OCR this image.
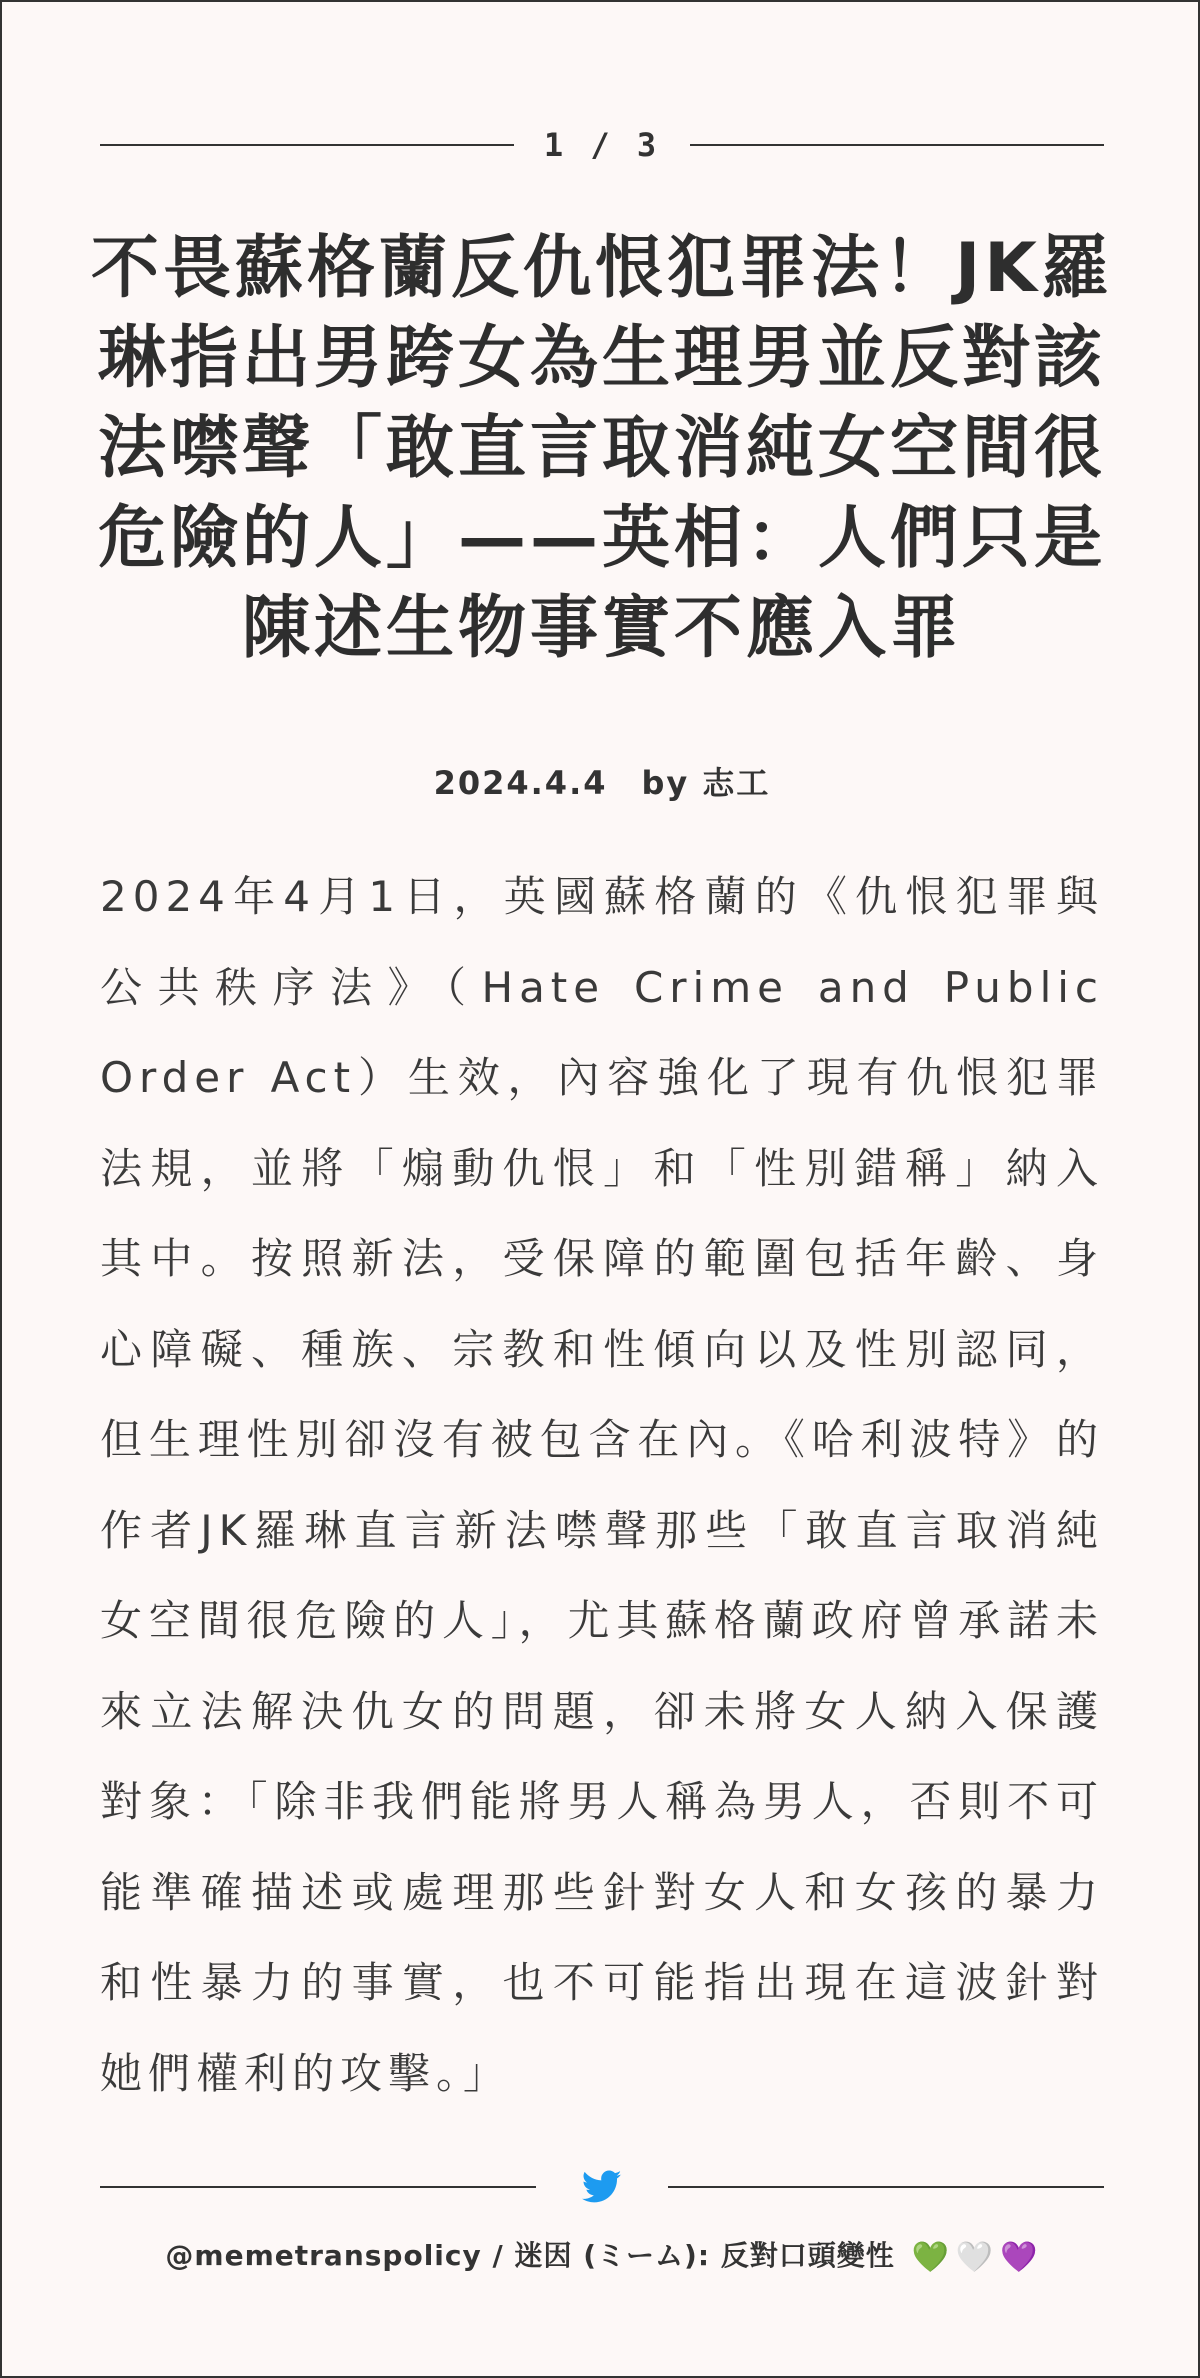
1 / 3
不畏蘇格蘭反仇恨犯罪法！JK羅琳指出男跨女為生理男並反對該法噤聲「敢直言取消純女空間很危險的人」——英相：人們只是陳述生物事實不應入罪
2024.4.4 by 志工

2024年4月1日，英國蘇格蘭的《仇恨犯罪與公共秩序法》（Hate Crime and Public Order Act）生效，內容強化了現有仇恨犯罪法規，並將「煽動仇恨」和「性別錯稱」納入其中。按照新法，受保障的範圍包括年齡、身心障礙、種族、宗教和性傾向以及性別認同，但生理性別卻沒有被包含在內。《哈利波特》的作者JK羅琳直言新法噤聲那些「敢直言取消純女空間很危險的人」，尤其蘇格蘭政府曾承諾未來立法解決仇女的問題，卻未將女人納入保護對象：「除非我們能將男人稱為男人，否則不可能準確描述或處理那些針對女人和女孩的暴力和性暴力的事實，也不可能指出現在這波針對她們權利的攻擊。」

@memetranspolicy / 迷因 (ミーム): 反對口頭變性 💚 🤍 💜
